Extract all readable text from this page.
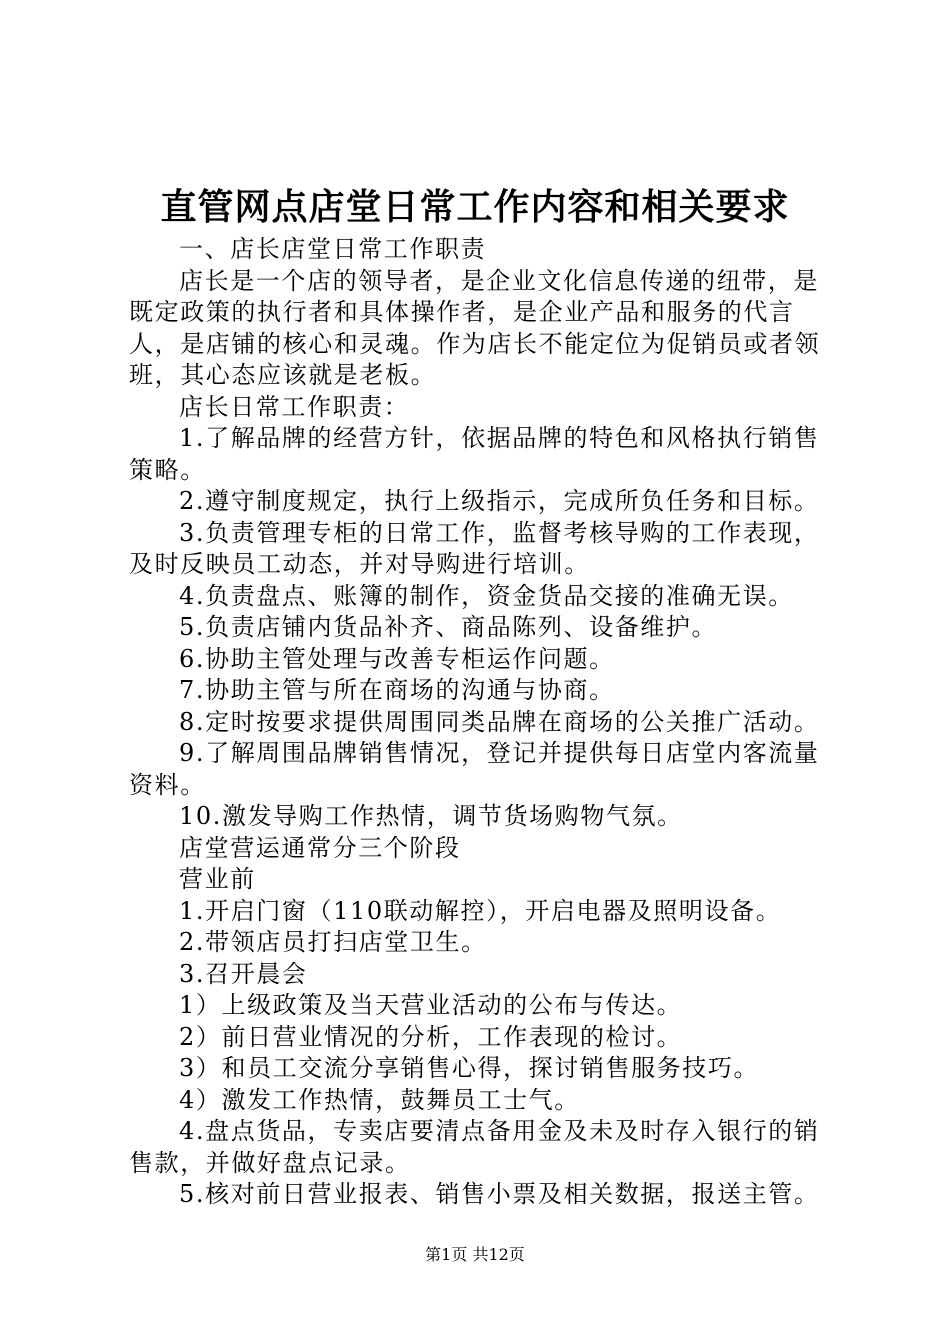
直管网点店堂日常工作内容和相关要求

一、店长店堂日常工作职责

店长是一个店的领导者，是企业文化信息传递的纽带，是既定政策的执行者和具体操作者，是企业产品和服务的代言人，是店铺的核心和灵魂。作为店长不能定位为促销员或者领班，其心态应该就是老板。

店长日常工作职责：

1.了解品牌的经营方针，依据品牌的特色和风格执行销售策略。

2.遵守制度规定，执行上级指示，完成所负任务和目标。

3.负责管理专柜的日常工作，监督考核导购的工作表现，及时反映员工动态，并对导购进行培训。

4.负责盘点、账簿的制作，资金货品交接的准确无误。

5.负责店铺内货品补齐、商品陈列、设备维护。

6.协助主管处理与改善专柜运作问题。

7.协助主管与所在商场的沟通与协商。

8.定时按要求提供周围同类品牌在商场的公关推广活动。

9.了解周围品牌销售情况，登记并提供每日店堂内客流量资料。

10.激发导购工作热情，调节货场购物气氛。

店堂营运通常分三个阶段

营业前

1.开启门窗（110联动解控），开启电器及照明设备。

2.带领店员打扫店堂卫生。

3.召开晨会

1）上级政策及当天营业活动的公布与传达。

2）前日营业情况的分析，工作表现的检讨。

3）和员工交流分享销售心得，探讨销售服务技巧。

4）激发工作热情，鼓舞员工士气。

4.盘点货品，专卖店要清点备用金及未及时存入银行的销售款，并做好盘点记录。

5.核对前日营业报表、销售小票及相关数据，报送主管。

第1页 共12页
